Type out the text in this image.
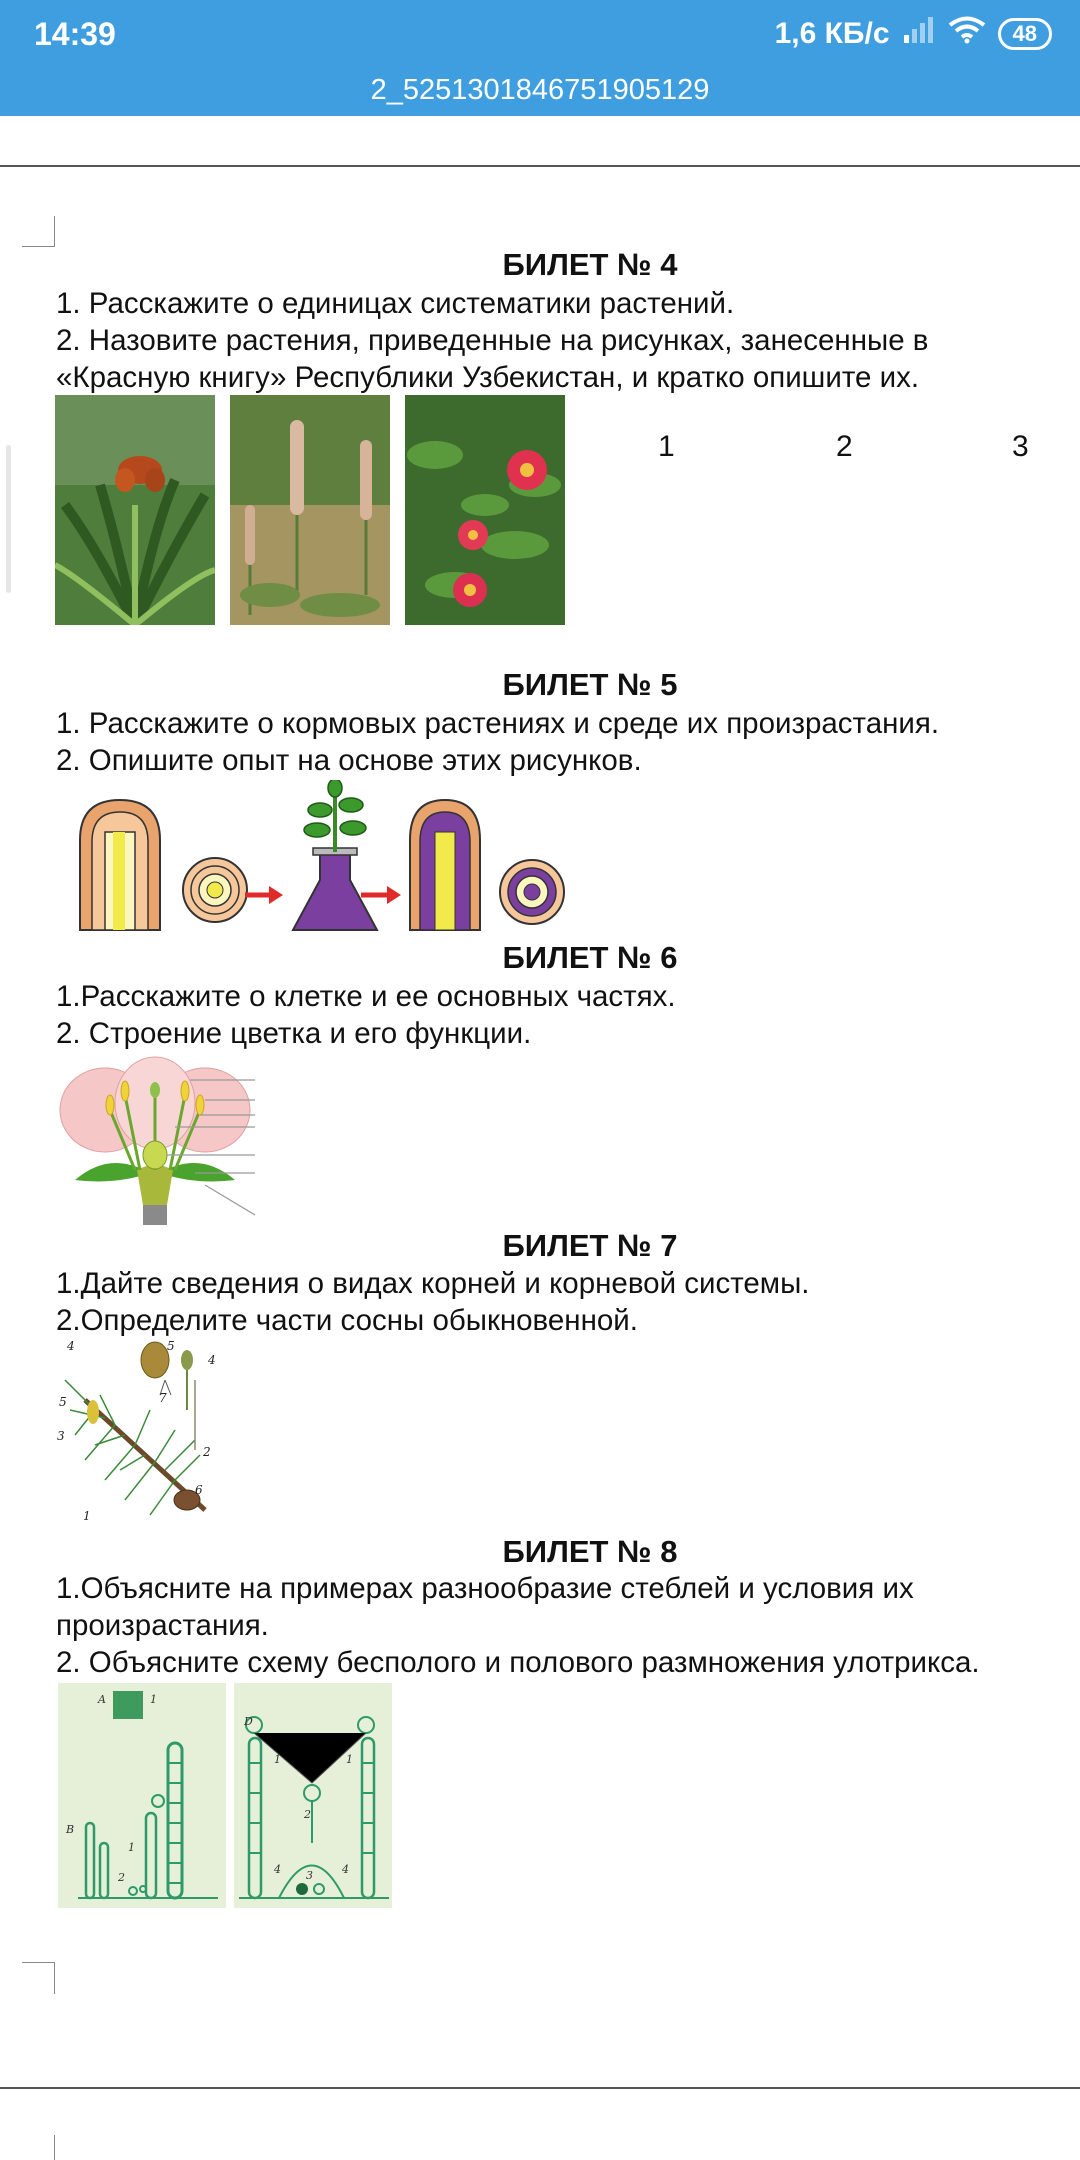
14:39	1,6 КБ/с	48
2_5251301846751905129
БИЛЕТ № 4
1. Расскажите о единицах систематики растений.
2. Назовите растения, приведенные на рисунках, занесенные в
«Красную книгу» Республики Узбекистан, и кратко опишите их.
1	2	3
БИЛЕТ № 5
1. Расскажите о кормовых растениях и среде их произрастания.
2. Опишите опыт на основе этих рисунков.
БИЛЕТ № 6
1.Расскажите о клетке и ее основных частях.
2. Строение цветка и его функции.
БИЛЕТ № 7
1.Дайте сведения о видах корней и корневой системы.
2.Определите части сосны обыкновенной.
4	5
4
5
3
7
2
6
1
БИЛЕТ № 8
1.Объясните на примерах разнообразие стеблей и условия их
произрастания.
2. Объясните схему бесполого и полового размножения улотрикса.
A	1
B
1
2
D
1	1
2
4 3	4
